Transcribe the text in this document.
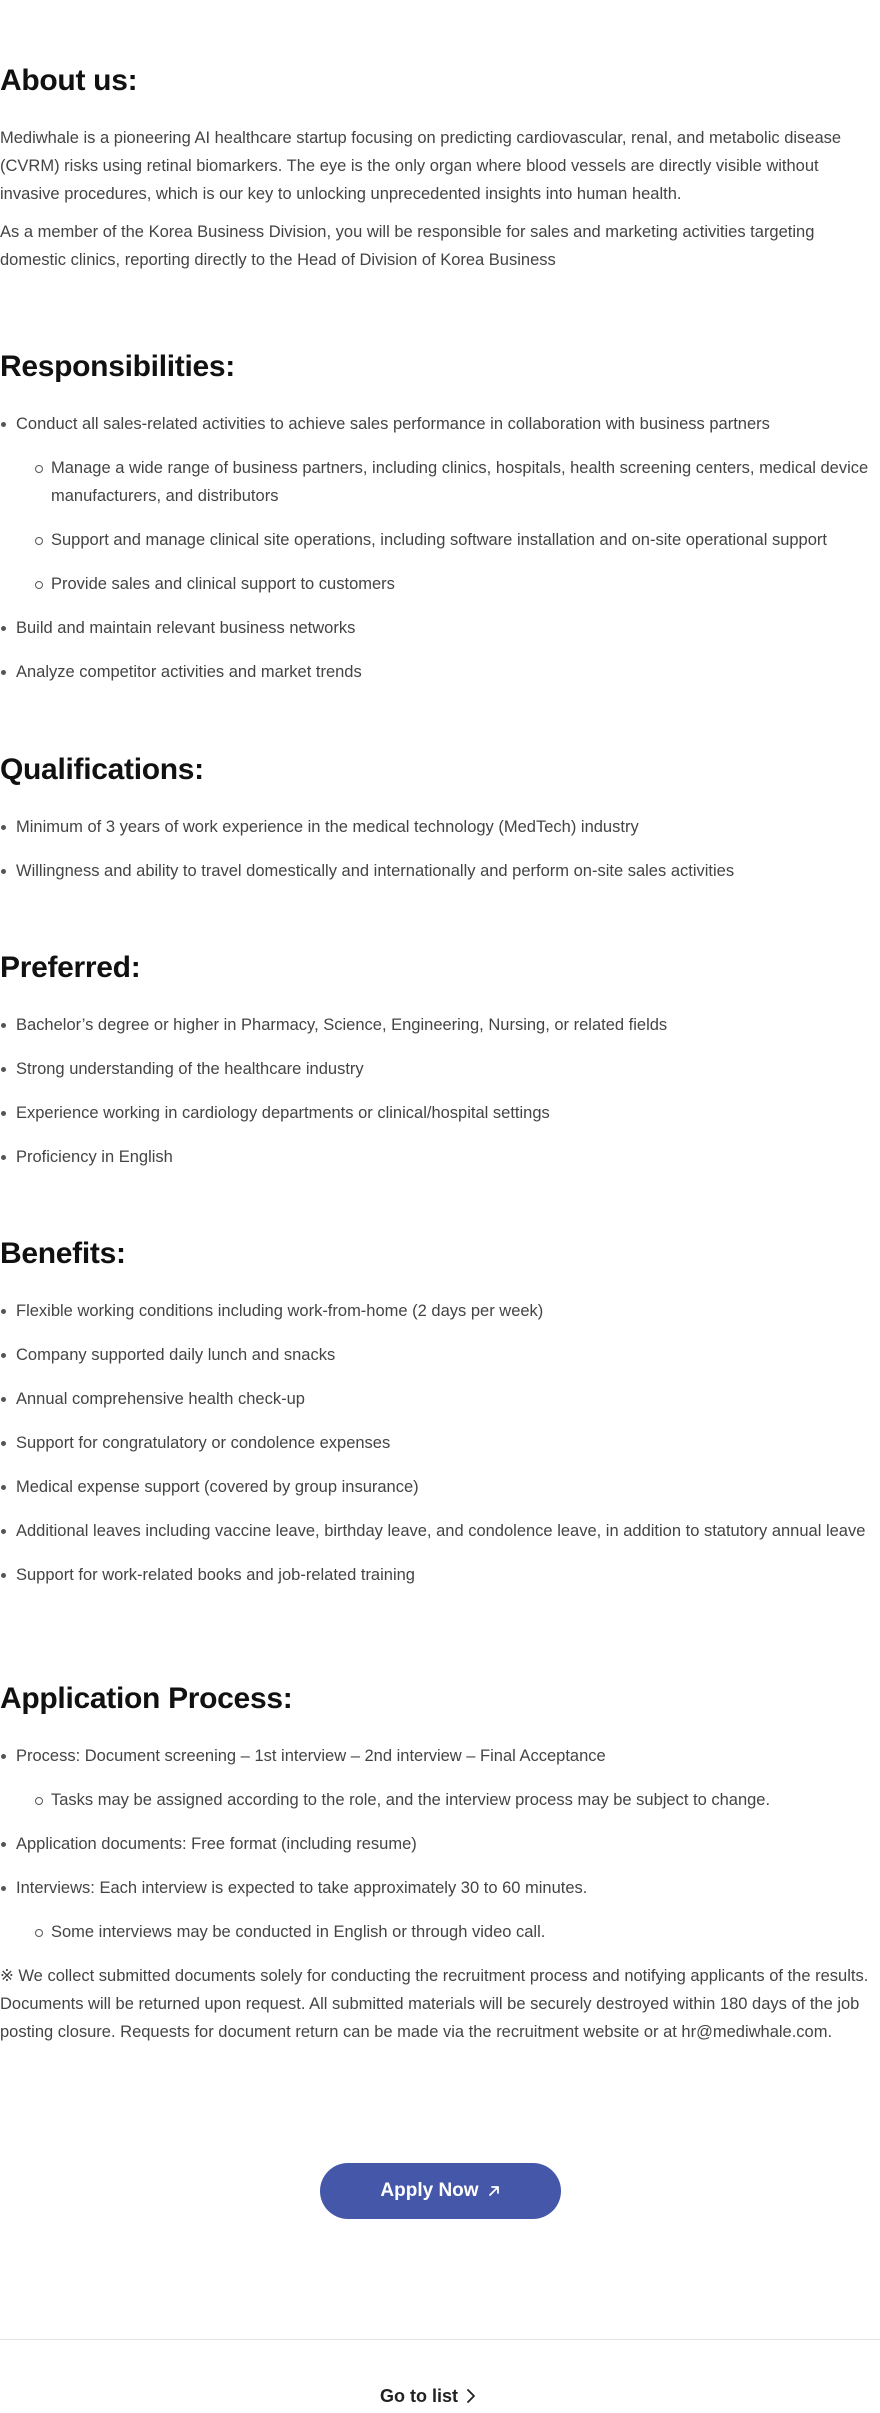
About us:

Mediwhale is a pioneering AI healthcare startup focusing on predicting cardiovascular, renal, and metabolic disease (CVRM) risks using retinal biomarkers. The eye is the only organ where blood vessels are directly visible without invasive procedures, which is our key to unlocking unprecedented insights into human health.

As a member of the Korea Business Division, you will be responsible for sales and marketing activities targeting domestic clinics, reporting directly to the Head of Division of Korea Business

Responsibilities:
Conduct all sales-related activities to achieve sales performance in collaboration with business partners
Manage a wide range of business partners, including clinics, hospitals, health screening centers, medical device manufacturers, and distributors
Support and manage clinical site operations, including software installation and on-site operational support
Provide sales and clinical support to customers
Build and maintain relevant business networks
Analyze competitor activities and market trends
Qualifications:
Minimum of 3 years of work experience in the medical technology (MedTech) industry
Willingness and ability to travel domestically and internationally and perform on-site sales activities
Preferred:
Bachelor’s degree or higher in Pharmacy, Science, Engineering, Nursing, or related fields
Strong understanding of the healthcare industry
Experience working in cardiology departments or clinical/hospital settings
Proficiency in English
Benefits:
Flexible working conditions including work-from-home (2 days per week)
Company supported daily lunch and snacks
Annual comprehensive health check-up
Support for congratulatory or condolence expenses
Medical expense support (covered by group insurance)
Additional leaves including vaccine leave, birthday leave, and condolence leave, in addition to statutory annual leave
Support for work-related books and job-related training
Application Process:
Process: Document screening – 1st interview – 2nd interview – Final Acceptance
Tasks may be assigned according to the role, and the interview process may be subject to change.
Application documents: Free format (including resume)
Interviews: Each interview is expected to take approximately 30 to 60 minutes.
Some interviews may be conducted in English or through video call.

※ We collect submitted documents solely for conducting the recruitment process and notifying applicants of the results. Documents will be returned upon request. All submitted materials will be securely destroyed within 180 days of the job posting closure. Requests for document return can be made via the recruitment website or at hr@mediwhale.com.

Apply Now
Go to list
